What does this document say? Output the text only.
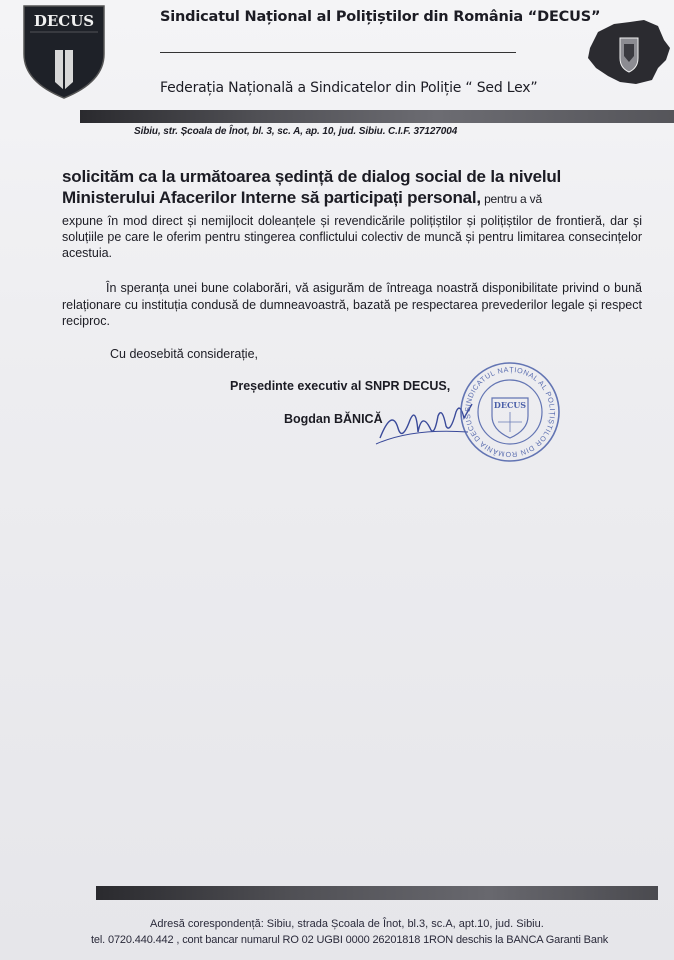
DECUS	Sindicatul Național al Polițiștilor din România “DECUS”
Federația Națională a Sindicatelor din Poliție “ Sed Lex”
Sibiu, str. Școala de Înot, bl. 3, sc. A, ap. 10, jud. Sibiu. C.I.F. 37127004
solicităm ca la următoarea ședință de dialog social de la nivelul
Ministerului Afacerilor Interne să participați personal, pentru a vă
expune în mod direct și nemijlocit doleanțele și revendicările polițiștilor și polițiștilor de frontieră, dar și soluțiile pe care le oferim pentru stingerea conflictului colectiv de muncă și pentru limitarea consecințelor acestuia.
În speranța unei bune colaborări, vă asigurăm de întreaga noastră disponibilitate privind o bună relaționare cu instituția condusă de dumneavoastră, bazată pe respectarea prevederilor legale și respect reciproc.
Cu deosebită considerație,
Președinte executiv al SNPR DECUS,
Bogdan BĂNICĂ
SINDICATUL NAȚIONAL AL POLIȚIȘTILOR DIN ROMÂNIA DECUS
DECUS
Adresă corespondență: Sibiu, strada Școala de Înot, bl.3, sc.A, apt.10, jud. Sibiu.
tel. 0720.440.442 , cont bancar numarul RO 02 UGBI 0000 26201818 1RON deschis la BANCA Garanti Bank
